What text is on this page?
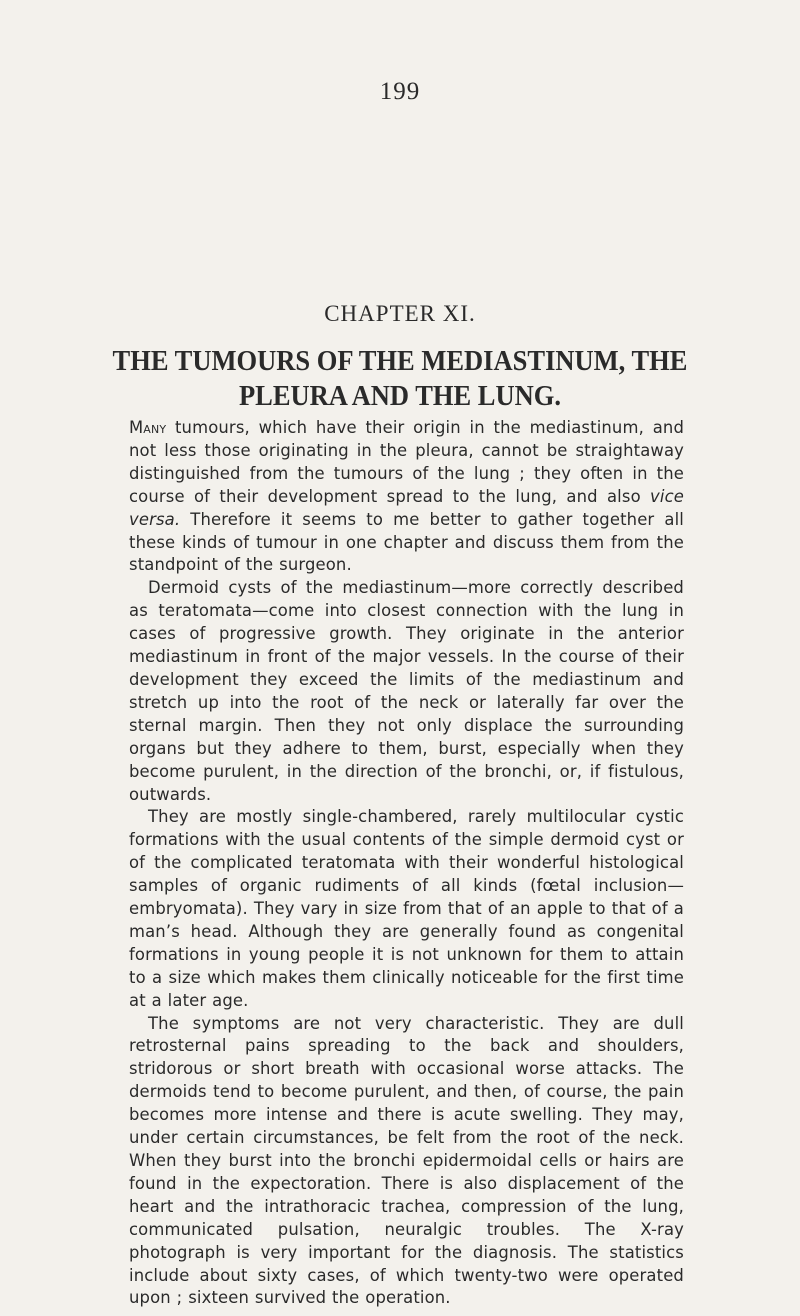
199
CHAPTER XI.
THE TUMOURS OF THE MEDIASTINUM, THE
PLEURA AND THE LUNG.

Many tumours, which have their origin in the mediastinum, and not less those originating in the pleura, cannot be straightaway distinguished from the tumours of the lung ; they often in the course of their development spread to the lung, and also vice versa. Therefore it seems to me better to gather together all these kinds of tumour in one chapter and discuss them from the standpoint of the surgeon.

Dermoid cysts of the mediastinum—more correctly described as teratomata—come into closest connection with the lung in cases of progressive growth. They originate in the anterior mediastinum in front of the major vessels. In the course of their development they exceed the limits of the mediastinum and stretch up into the root of the neck or laterally far over the sternal margin. Then they not only displace the surrounding organs but they adhere to them, burst, especially when they become purulent, in the direction of the bronchi, or, if fistulous, outwards.

They are mostly single-chambered, rarely multilocular cystic formations with the usual contents of the simple dermoid cyst or of the complicated teratomata with their wonderful histological samples of organic rudiments of all kinds (fœtal inclusion—embryomata). They vary in size from that of an apple to that of a man’s head. Although they are generally found as congenital formations in young people it is not unknown for them to attain to a size which makes them clinically noticeable for the first time at a later age.

The symptoms are not very characteristic. They are dull retrosternal pains spreading to the back and shoulders, stridorous or short breath with occasional worse attacks. The dermoids tend to become purulent, and then, of course, the pain becomes more intense and there is acute swelling. They may, under certain circumstances, be felt from the root of the neck. When they burst into the bronchi epidermoidal cells or hairs are found in the expectoration. There is also displacement of the heart and the intrathoracic trachea, compression of the lung, communicated pulsation, neuralgic troubles. The X-ray photograph is very important for the diagnosis. The statistics include about sixty cases, of which twenty-two were operated upon ; sixteen survived the operation.
